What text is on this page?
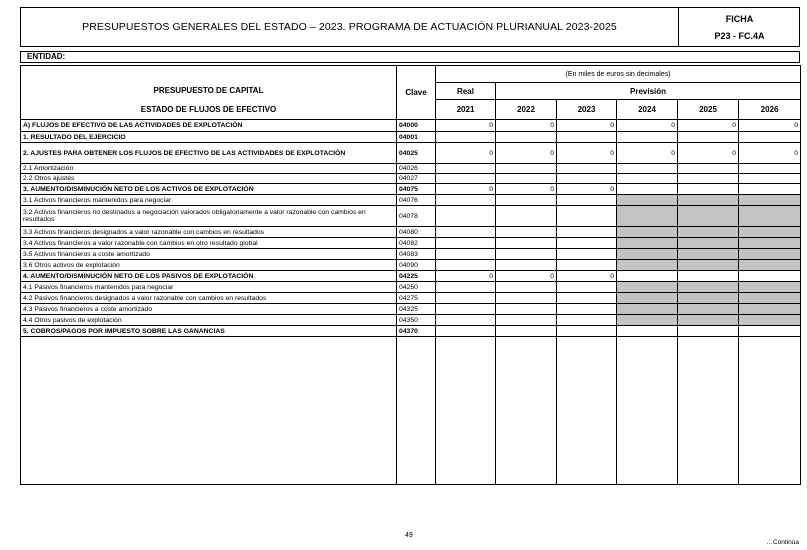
PRESUPUESTOS GENERALES DEL ESTADO – 2023. PROGRAMA DE ACTUACIÓN PLURIANUAL 2023-2025
FICHA
P23 - FC.4A
ENTIDAD:
PRESUPUESTO DE CAPITAL
ESTADO DE FLUJOS DE EFECTIVO	Clave	(En miles de euros sin decimales)					
		Real	Previsión				
		2021	2022	2023	2024	2025	2026
A) FLUJOS DE EFECTIVO DE LAS ACTIVIDADES DE EXPLOTACIÓN	04000	0	0	0	0	0	0
1. RESULTADO DEL EJERCICIO	04001						
2. AJUSTES PARA OBTENER LOS FLUJOS DE EFECTIVO DE LAS ACTIVIDADES DE EXPLOTACIÓN	04025	0	0	0	0	0	0
2.1 Amortización	04026						
2.2 Otros ajustes	04027						
3. AUMENTO/DISMINUCIÓN NETO DE LOS ACTIVOS DE EXPLOTACIÓN	04075	0	0	0			
3.1 Activos financieros mantenidos para negociar	04076						
3.2 Activos financieros no destinados a negociación valorados obligatoriamente a valor razonable con cambios en resultados	04078						
3.3 Activos financieros designados a valor razonable con cambios en resultados	04080						
3.4 Activos financieros a valor razonable con cambios en otro resultado global	04082						
3.5 Activos financieros a coste amortizado	04083						
3.6 Otros activos de explotación	04090						
4. AUMENTO/DISMINUCIÓN NETO DE LOS PASIVOS DE EXPLOTACIÓN	04225	0	0	0			
4.1 Pasivos financieros mantenidos para negociar	04250						
4.2 Pasivos financieros designados a valor razonable con cambios en resultados	04275						
4.3 Pasivos financieros a coste amortizado	04325						
4.4 Otros pasivos de explotación	04350						
5. COBROS/PAGOS POR IMPUESTO SOBRE LAS GANANCIAS	04370						

49
…Continúa
